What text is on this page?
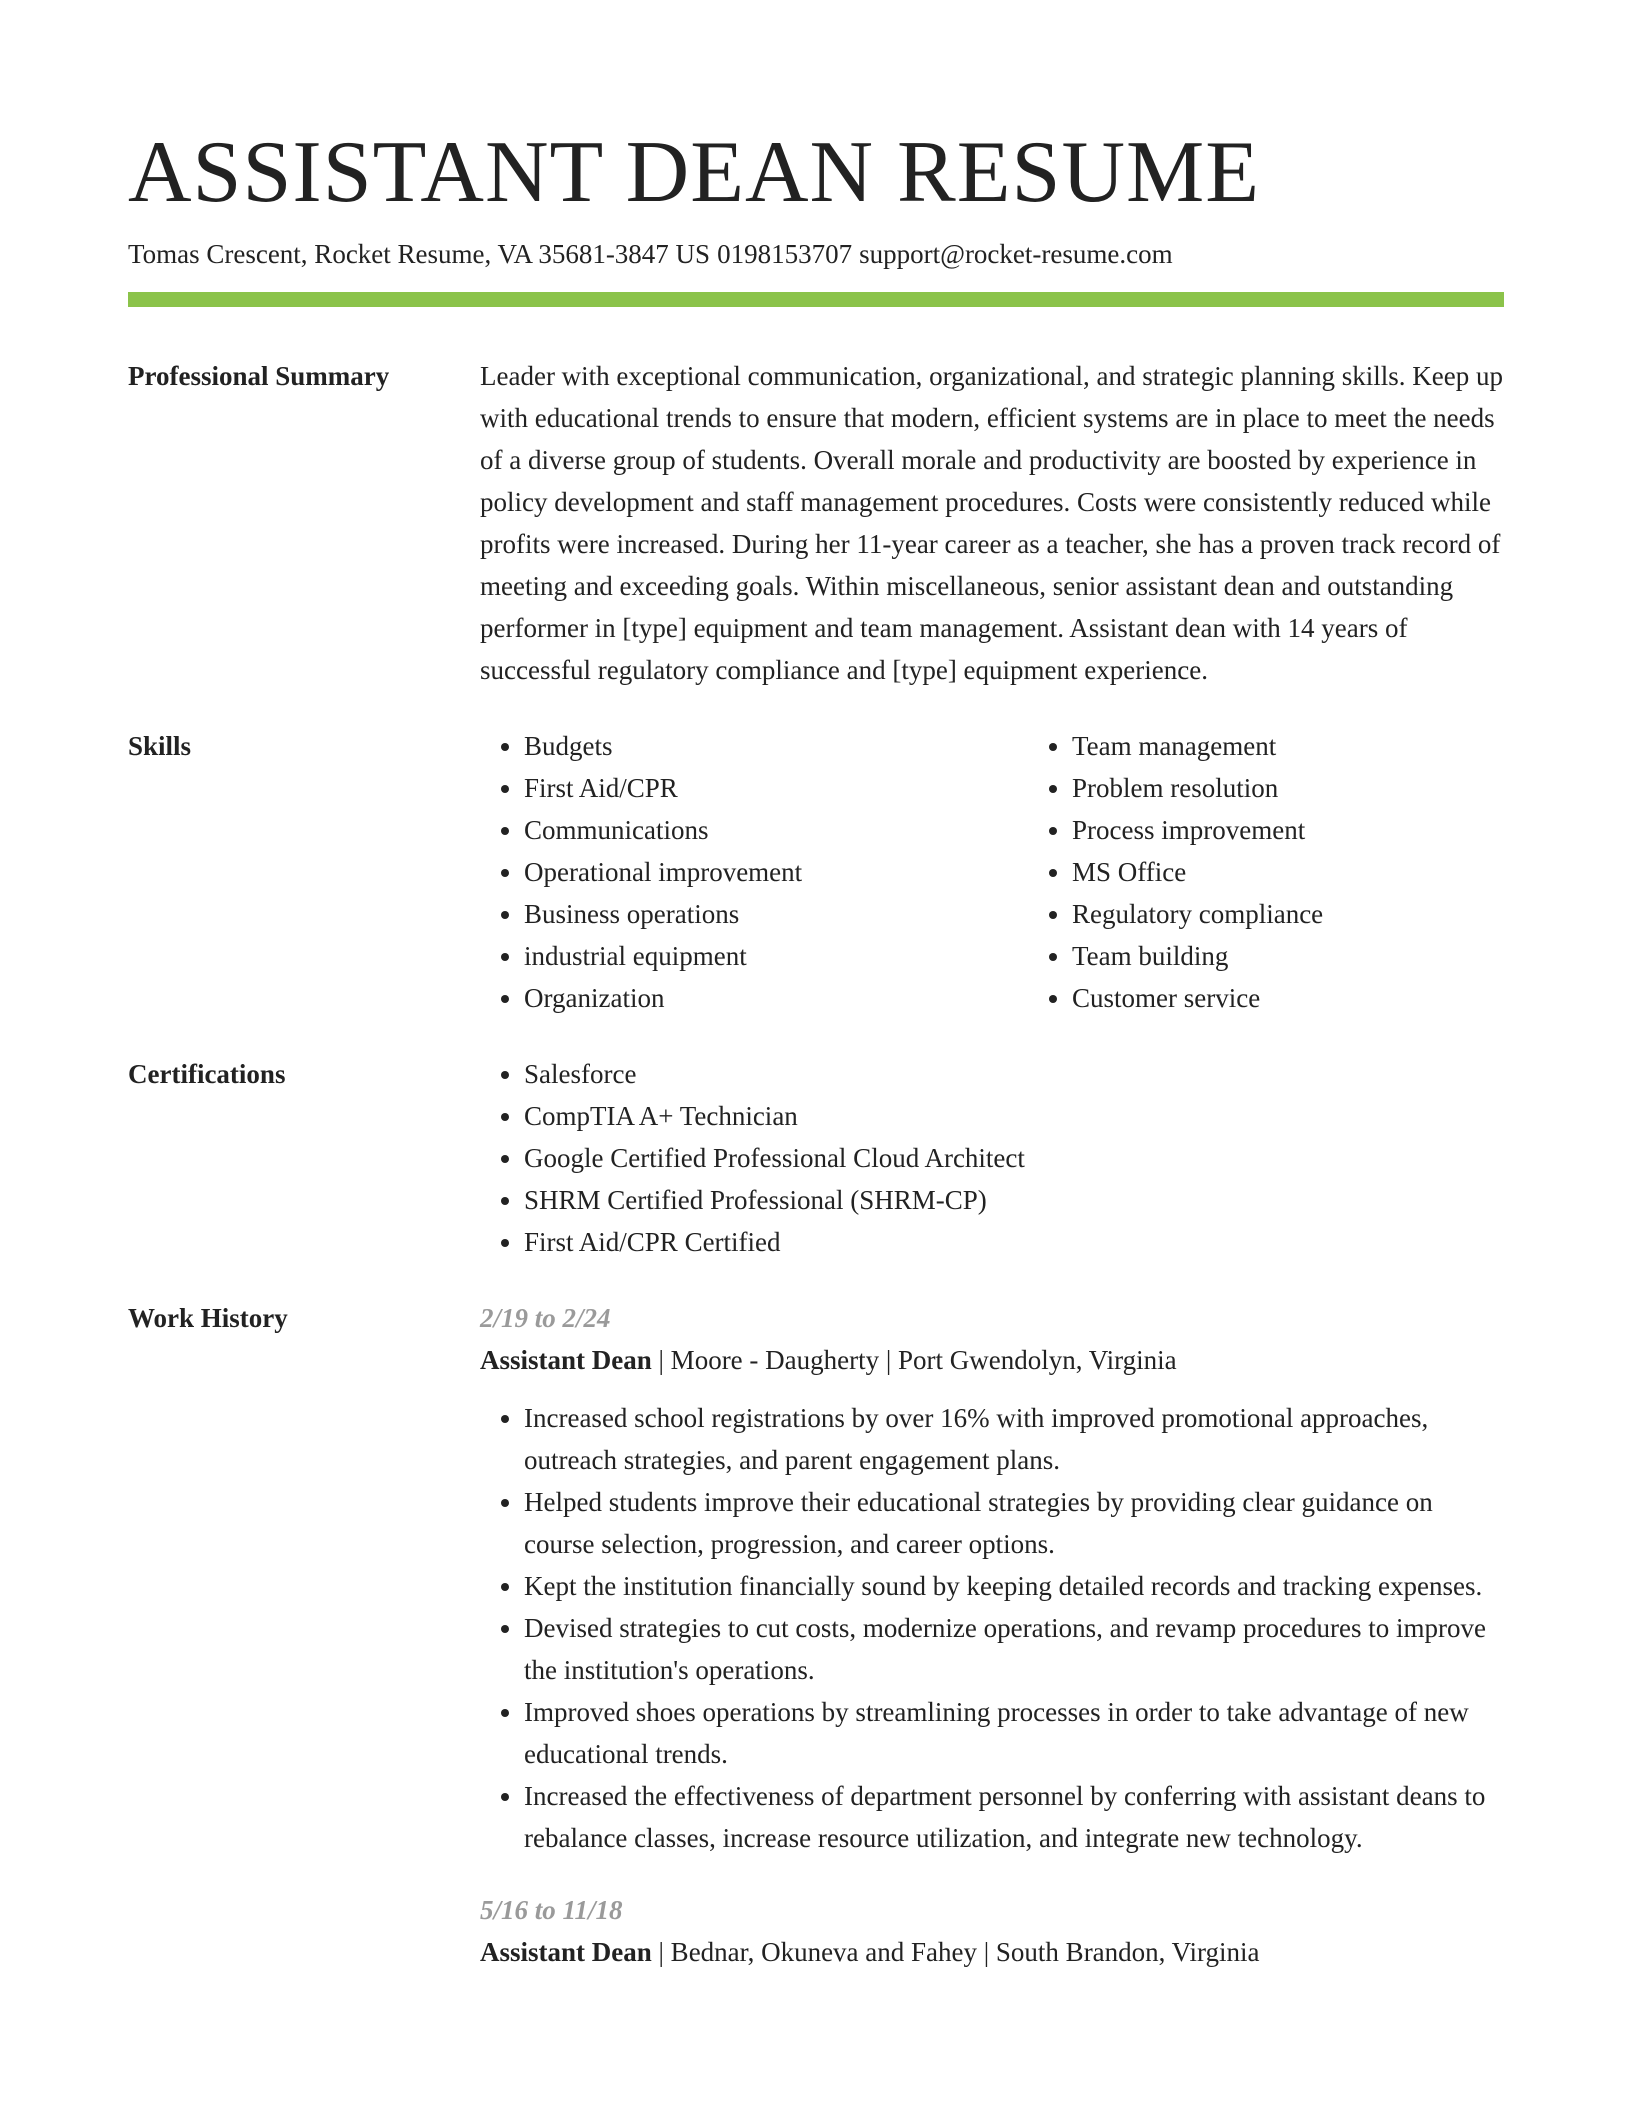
ASSISTANT DEAN RESUME
Tomas Crescent, Rocket Resume, VA 35681-3847 US 0198153707 support@rocket-resume.com
Professional Summary	Leader with exceptional communication, organizational, and strategic planning skills. Keep up with educational trends to ensure that modern, efficient systems are in place to meet the needs of a diverse group of students. Overall morale and productivity are boosted by experience in policy development and staff management procedures. Costs were consistently reduced while profits were increased. During her 11-year career as a teacher, she has a proven track record of meeting and exceeding goals. Within miscellaneous, senior assistant dean and outstanding performer in [type] equipment and team management. Assistant dean with 14 years of successful regulatory compliance and [type] equipment experience.

Skills	• Budgets
• First Aid/CPR
• Communications
• Operational improvement
• Business operations
• industrial equipment
• Organization
• Team management
• Problem resolution
• Process improvement
• MS Office
• Regulatory compliance
• Team building
• Customer service
Certifications	• Salesforce
• CompTIA A+ Technician
• Google Certified Professional Cloud Architect
• SHRM Certified Professional (SHRM-CP)
• First Aid/CPR Certified
Work History	2/19 to 2/24
Assistant Dean | Moore - Daugherty | Port Gwendolyn, Virginia
• Increased school registrations by over 16% with improved promotional approaches, outreach strategies, and parent engagement plans.
• Helped students improve their educational strategies by providing clear guidance on course selection, progression, and career options.
• Kept the institution financially sound by keeping detailed records and tracking expenses.
• Devised strategies to cut costs, modernize operations, and revamp procedures to improve the institution's operations.
• Improved shoes operations by streamlining processes in order to take advantage of new educational trends.
• Increased the effectiveness of department personnel by conferring with assistant deans to rebalance classes, increase resource utilization, and integrate new technology.
5/16 to 11/18
Assistant Dean | Bednar, Okuneva and Fahey | South Brandon, Virginia
